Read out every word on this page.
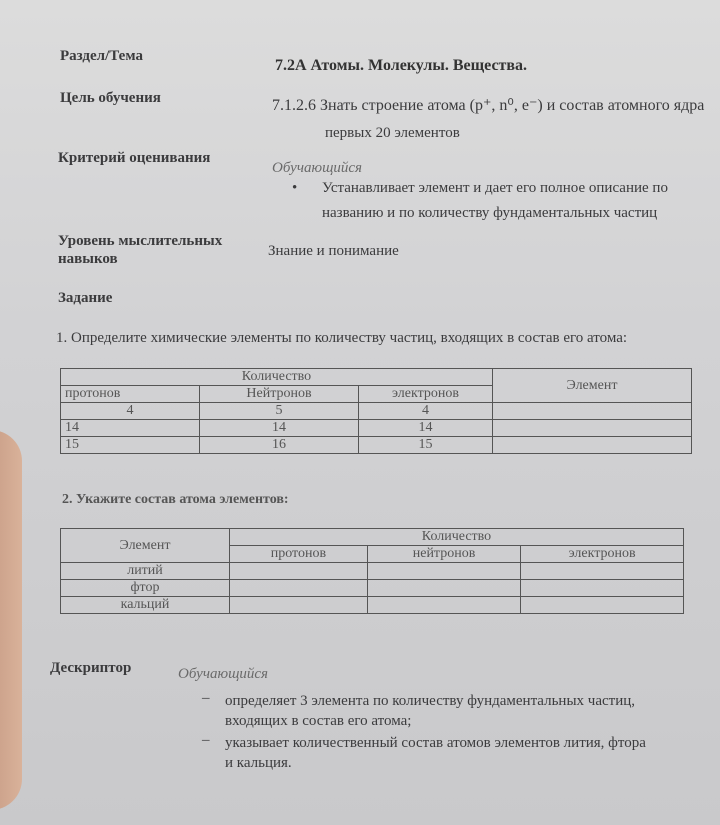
Раздел/Тема
7.2А Атомы. Молекулы. Вещества.
Цель обучения	7.1.2.6 Знать строение атома (p⁺, n⁰, e⁻) и состав атомного ядра
первых 20 элементов
Критерий оценивания
Обучающийся
• Устанавливает элемент и дает его полное описание по
названию и по количеству фундаментальных частиц
Уровень мыслительных
навыков	Знание и понимание
Задание
1. Определите химические элементы по количеству частиц, входящих в состав его атома:
Количество			Элемент
протонов	Нейтронов	электронов	
4	5	4	
14	14	14	
15	16	15	
2. Укажите состав атома элементов:
Элемент	Количество		
	протонов	нейтронов	электронов
литий			
фтор			
кальций			
Дескриптор	Обучающийся
– определяет 3 элемента по количеству фундаментальных частиц,
входящих в состав его атома;
– указывает количественный состав атомов элементов лития, фтора
и кальция.
